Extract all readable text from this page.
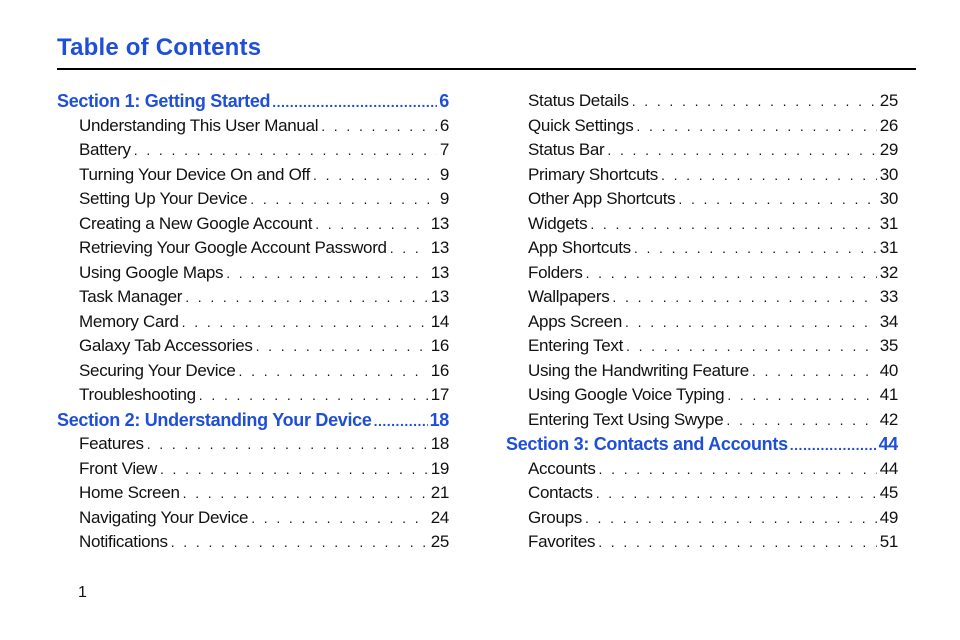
Table of Contents
Section 1: Getting Started .....	6
Understanding This User Manual . . .	6
Battery . . .	7
Turning Your Device On and Off . . .	9
Setting Up Your Device . . .	9
Creating a New Google Account . . .	13
Retrieving Your Google Account Password . . .	13
Using Google Maps . . .	13
Task Manager . . .	13
Memory Card . . .	14
Galaxy Tab Accessories . . .	16
Securing Your Device . . .	16
Troubleshooting . . .	17
Section 2: Understanding Your Device .....	18
Features . . .	18
Front View . . .	19
Home Screen . . .	21
Navigating Your Device . . .	24
Notifications . . .	25
Status Details . . .	25
Quick Settings . . .	26
Status Bar . . .	29
Primary Shortcuts . . .	30
Other App Shortcuts . . .	30
Widgets . . .	31
App Shortcuts . . .	31
Folders . . .	32
Wallpapers . . .	33
Apps Screen . . .	34
Entering Text . . .	35
Using the Handwriting Feature . . .	40
Using Google Voice Typing . . .	41
Entering Text Using Swype . . .	42
Section 3: Contacts and Accounts .....	44
Accounts . . .	44
Contacts . . .	45
Groups . . .	49
Favorites . . .	51
1
